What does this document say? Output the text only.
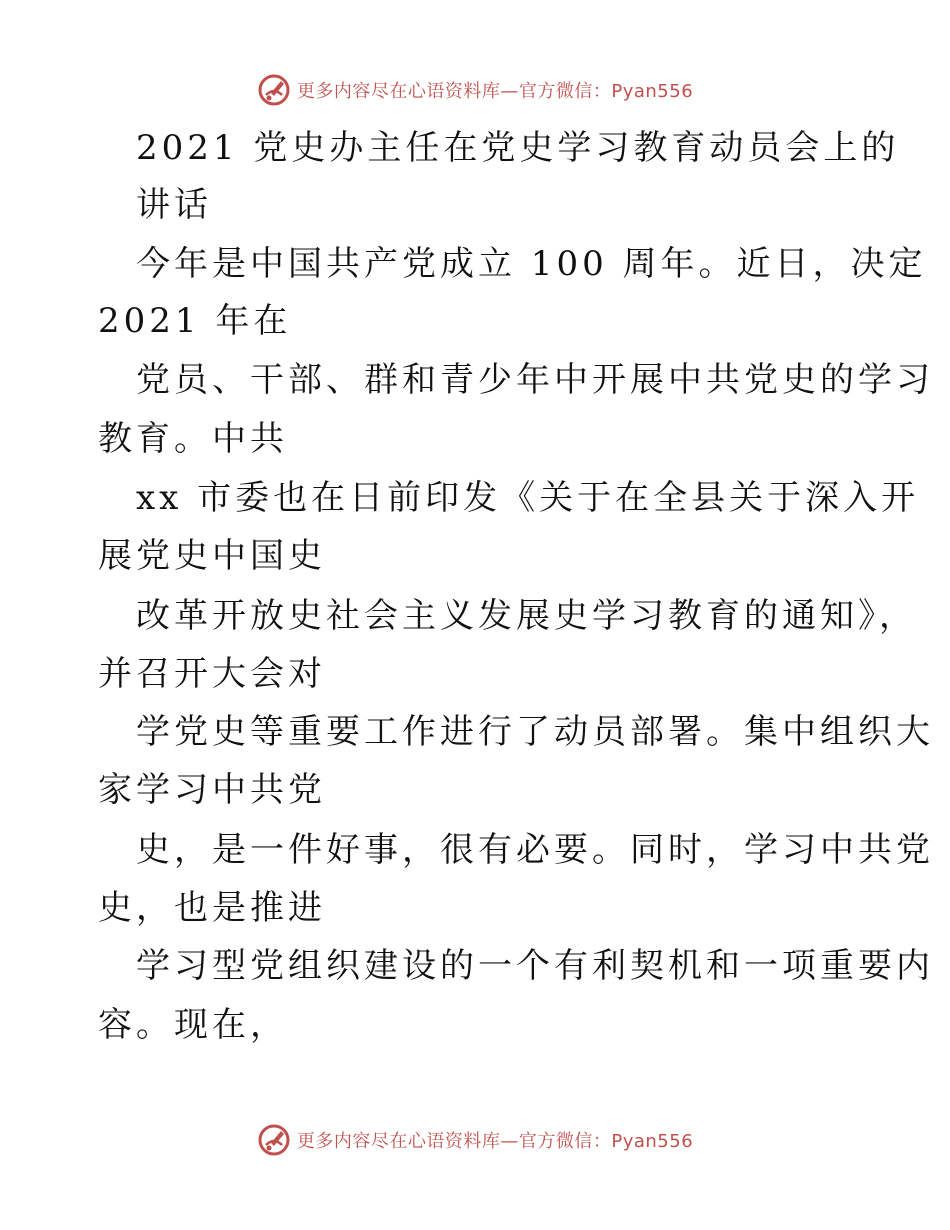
更多内容尽在心语资料库—官方微信：Pyan556
2021 党史办主任在党史学习教育动员会上的
讲话
今年是中国共产党成立 100 周年。近日，决定
2021 年在
党员、干部、群和青少年中开展中共党史的学习
教育。中共
xx 市委也在日前印发《关于在全县关于深入开
展党史中国史
改革开放史社会主义发展史学习教育的通知》，
并召开大会对
学党史等重要工作进行了动员部署。集中组织大
家学习中共党
史，是一件好事，很有必要。同时，学习中共党
史，也是推进
学习型党组织建设的一个有利契机和一项重要内
容。现在，
更多内容尽在心语资料库—官方微信：Pyan556
